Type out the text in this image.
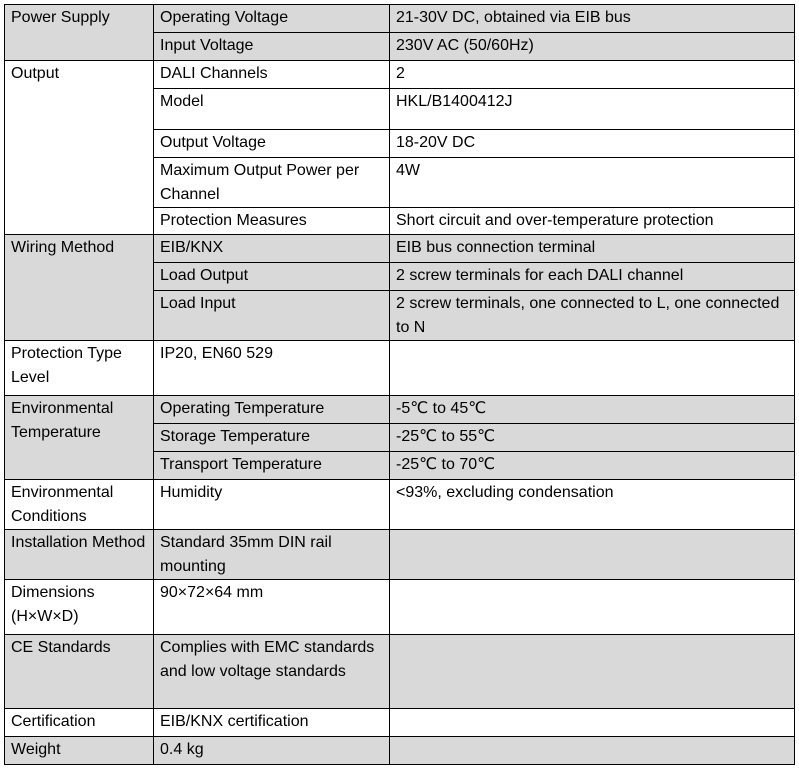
Power Supply	Operating Voltage	21-30V DC, obtained via EIB bus
	Input Voltage	230V AC (50/60Hz)
Output	DALI Channels	2
	Model	HKL/B1400412J
	Output Voltage	18-20V DC
	Maximum Output Power per Channel	4W
	Protection Measures	Short circuit and over-temperature protection
Wiring Method	EIB/KNX	EIB bus connection terminal
	Load Output	2 screw terminals for each DALI channel
	Load Input	2 screw terminals, one connected to L, one connected to N
Protection Type Level	IP20, EN60 529	
Environmental Temperature	Operating Temperature	-5℃ to 45℃
	Storage Temperature	-25℃ to 55℃
	Transport Temperature	-25℃ to 70℃
Environmental Conditions	Humidity	<93%, excluding condensation
Installation Method	Standard 35mm DIN rail mounting	
Dimensions (H×W×D)	90×72×64 mm	
CE Standards	Complies with EMC standards and low voltage standards	
Certification	EIB/KNX certification	
Weight	0.4 kg	
